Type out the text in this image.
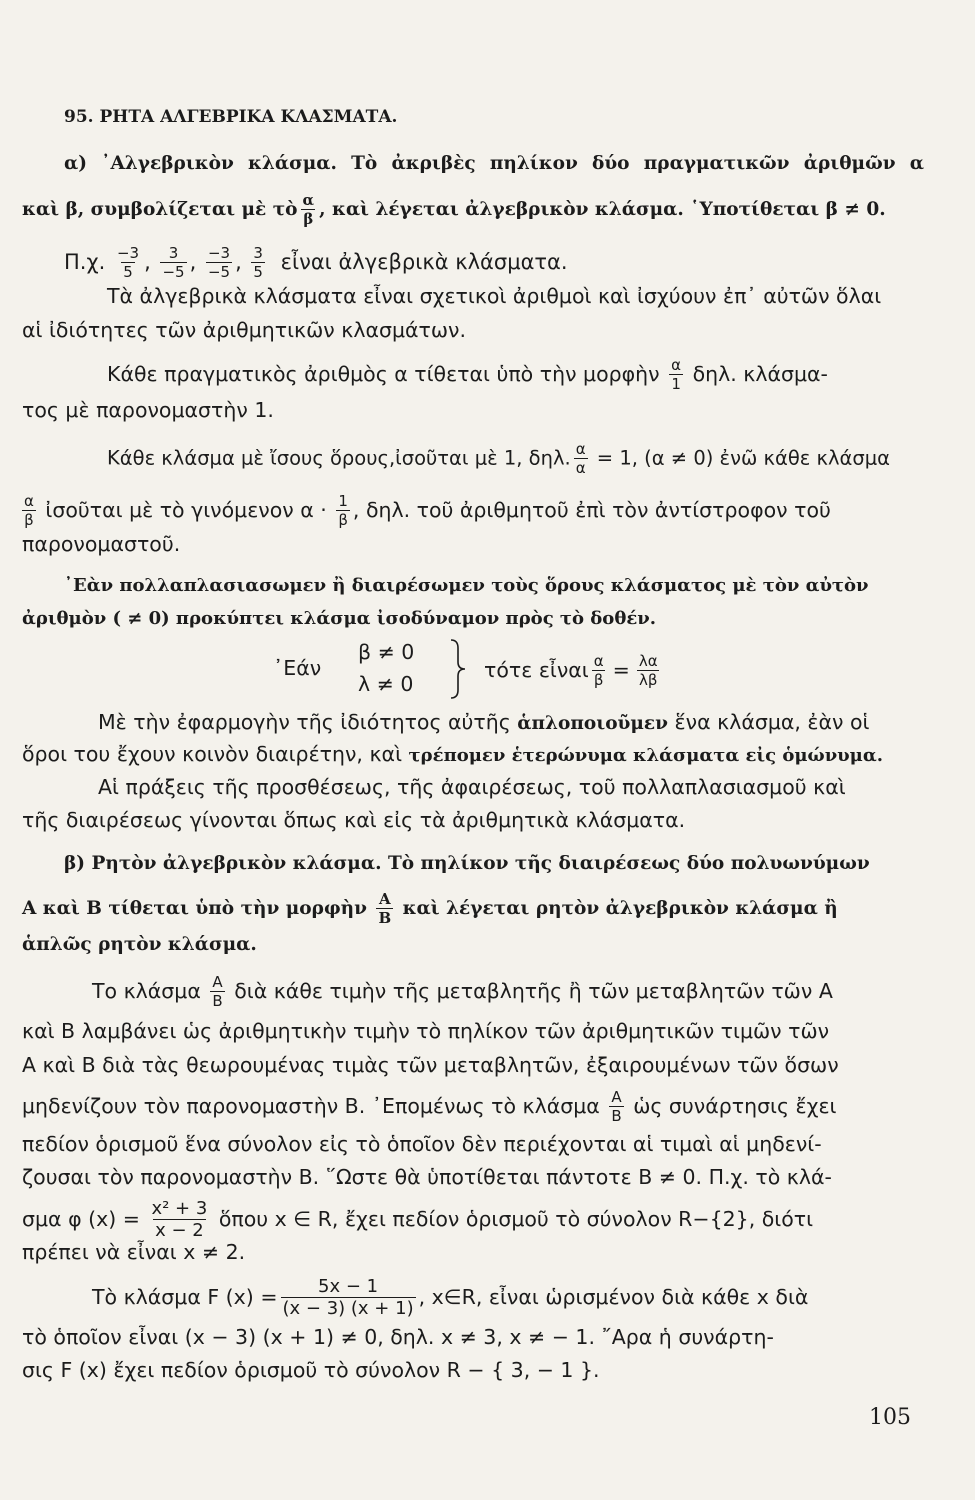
95. ΡΗΤΑ ΑΛΓΕΒΡΙΚΑ ΚΛΑΣΜΑΤΑ.
α) ᾿Αλγεβρικὸν κλάσμα. Τὸ ἀκριβὲς πηλίκον δύο πραγματικῶν ἀριθμῶν α
καὶ β, συμβολίζεται μὲ τὸ $\frac{\alpha}{\beta}$ , καὶ λέγεται ἀλγεβρικὸν κλάσμα. ῾Υποτίθεται β ≠ 0.
Π.χ. $\frac{-3}{5}$ , $\frac{3}{-5}$ , $\frac{-3}{-5}$ , $\frac{3}{5}$ εἶναι ἀλγεβρικὰ κλάσματα.
Τὰ ἀλγεβρικὰ κλάσματα εἶναι σχετικοὶ ἀριθμοὶ καὶ ἰσχύουν ἐπ᾿ αὐτῶν ὅλαι
αἱ ἰδιότητες τῶν ἀριθμητικῶν κλασμάτων.
Κάθε πραγματικὸς ἀριθμὸς α τίθεται ὑπὸ τὴν μορφὴν $\frac{\alpha}{1} \delta\eta\lambda$. κλάσμα-
τος μὲ παρονομαστὴν 1.
Κάθε κλάσμα μὲ ἴσους ὅρους,ἰσοῦται μὲ 1, δηλ. $\frac{\alpha}{\alpha} = 1$, (α ≠ 0) ἐνῶ κάθε κλάσμα
$\frac{\alpha}{\beta}$ ἰσοῦται μὲ τὸ γινόμενον $\alpha \cdot \frac{1}{\beta}$ , δηλ. τοῦ ἀριθμητοῦ ἐπὶ τὸν ἀντίστροφον τοῦ
παρονομαστοῦ.
᾿Εὰν πολλαπλασιασωμεν ἢ διαιρέσωμεν τοὺς ὅρους κλάσματος μὲ τὸν αὐτὸν
ἀριθμὸν ( ≠ 0) προκύπτει κλάσμα ἰσοδύναμον πρὸς τὸ δοθέν.
᾿Εάν
β ≠ 0
λ ≠ 0
τότε εἶναι $\frac{\alpha}{\beta} = \frac{\lambda\alpha}{\lambda\beta}$
Μὲ τὴν ἐφαρμογὴν τῆς ἰδιότητος αὐτῆς ἁπλοποιοῦμεν ἕνα κλάσμα, ἐὰν οἱ
ὅροι του ἔχουν κοινὸν διαιρέτην, καὶ τρέπομεν ἑτερώνυμα κλάσματα εἰς ὁμώνυμα.
Αἱ πράξεις τῆς προσθέσεως, τῆς ἀφαιρέσεως, τοῦ πολλαπλασιασμοῦ καὶ
τῆς διαιρέσεως γίνονται ὅπως καὶ εἰς τὰ ἀριθμητικὰ κλάσματα.
β) Ρητὸν ἀλγεβρικὸν κλάσμα. Τὸ πηλίκον τῆς διαιρέσεως δύο πολυωνύμων
Α καὶ Β τίθεται ὑπὸ τὴν μορφὴν $\frac{A}{B}$ καὶ λέγεται ρητὸν ἀλγεβρικὸν κλάσμα ἢ
ἁπλῶς ρητὸν κλάσμα.
Το κλάσμα $\frac{A}{B}$ διὰ κάθε τιμὴν τῆς μεταβλητῆς ἢ τῶν μεταβλητῶν τῶν Α
καὶ Β λαμβάνει ὡς ἀριθμητικὴν τιμὴν τὸ πηλίκον τῶν ἀριθμητικῶν τιμῶν τῶν
Α καὶ Β διὰ τὰς θεωρουμένας τιμὰς τῶν μεταβλητῶν, ἐξαιρουμένων τῶν ὅσων
μηδενίζουν τὸν παρονομαστὴν Β. ᾿Επομένως τὸ κλάσμα $\frac{A}{B}$ ὡς συνάρτησις ἔχει
πεδίον ὁρισμοῦ ἕνα σύνολον εἰς τὸ ὁποῖον δὲν περιέχονται αἱ τιμαὶ αἱ μηδενί-
ζουσαι τὸν παρονομαστὴν Β. ῞Ωστε θὰ ὑποτίθεται πάντοτε Β ≠ 0. Π.χ. τὸ κλά-
σμα φ $(x) = \frac{\text{x² + 3}}{x - 2}$ ὅπου x ∈ R, ἔχει πεδίον ὁρισμοῦ τὸ σύνολον R−{2}, διότι
πρέπει νὰ εἶναι x ≠ 2.
Τὸ κλάσμα F $(x) = \frac{5x - 1}{(x - 3) (x + 1)}$ , x∈R, εἶναι ὡρισμένον διὰ κάθε x διὰ
τὸ ὁποῖον εἶναι (x − 3) (x + 1) ≠ 0, δηλ. x ≠ 3, x ≠ − 1. ῎Αρα ἡ συνάρτη-
σις F (x) ἔχει πεδίον ὁρισμοῦ τὸ σύνολον R − { 3, − 1 }.
105
